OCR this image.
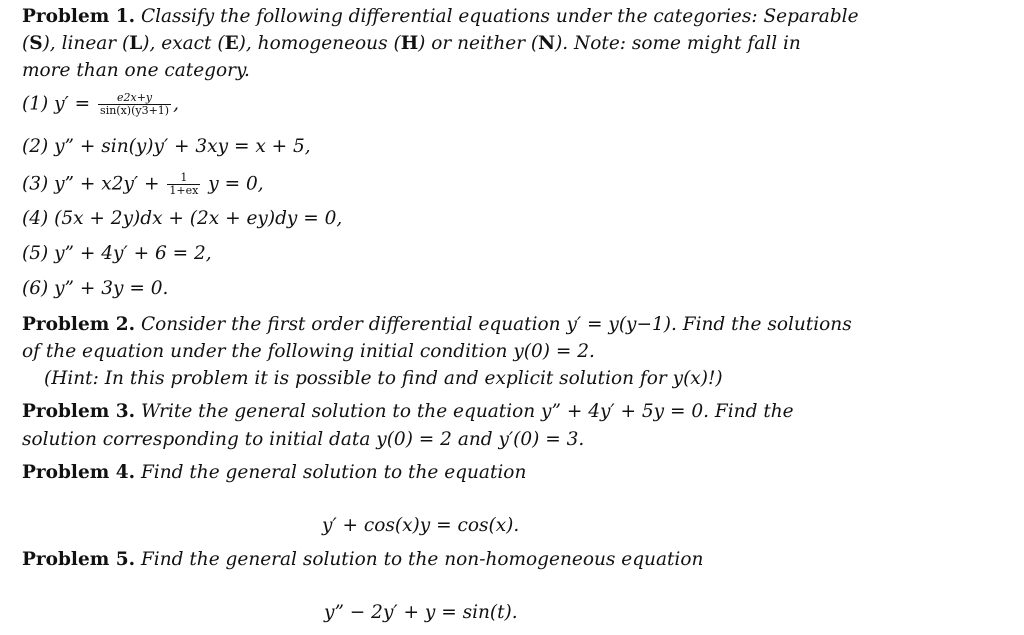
Problem 1. Classify the following differential equations under the categories: Separable
(S), linear (L), exact (E), homogeneous (H) or neither (N). Note: some might fall in
more than one category.
(1) $y' = \frac{e2x+y}{\sin(x)(y3+1)}$ ,
(2) y” + sin(y)y′ + 3xy = x + 5,
(3) y” + $x2y' + \frac{1}{1+ex}$ y = 0,
(4) (5x + 2y)dx + (2x + ey)dy = 0,
(5) y” + 4y′ + 6 = 2,
(6) y” + 3y = 0.
Problem 2. Consider the first order differential equation y′ = y(y−1). Find the solutions
of the equation under the following initial condition y(0) = 2.
(Hint: In this problem it is possible to find and explicit solution for y(x)!)
Problem 3. Write the general solution to the equation y” + 4y′ + 5y = 0. Find the
solution corresponding to initial data y(0) = 2 and y′(0) = 3.
Problem 4. Find the general solution to the equation
y′ + cos(x)y = cos(x).
Problem 5. Find the general solution to the non-homogeneous equation
y” − 2y′ + y = sin(t).
